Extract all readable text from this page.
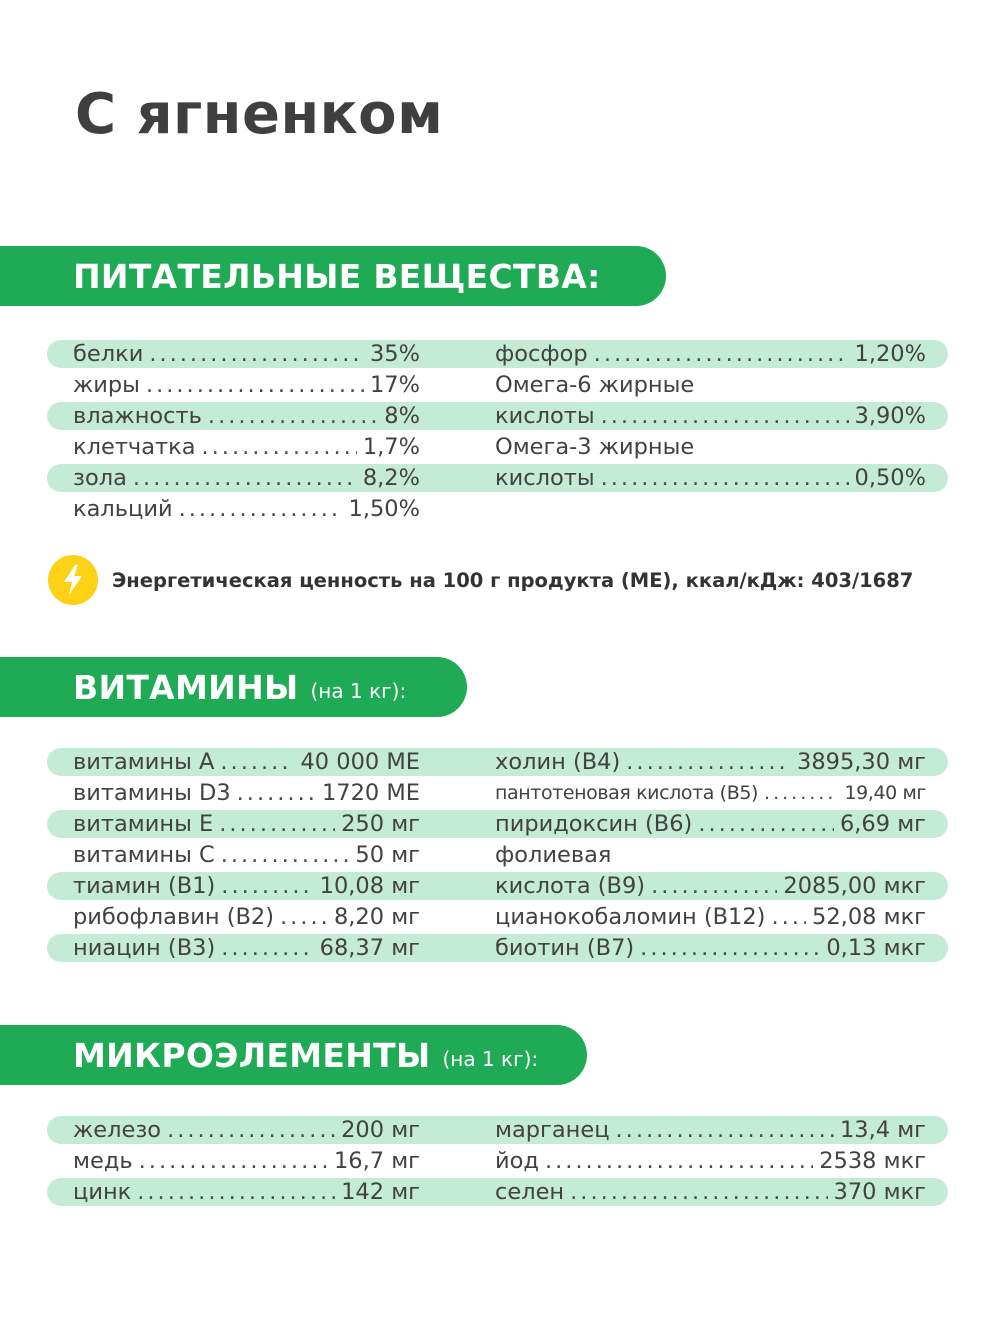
С ягненком
ПИТАТЕЛЬНЫЕ ВЕЩЕСТВА:
белки .....	35%
жиры .....	17%
влажность .....	8%
клетчатка .....	1,7%
зола .....	8,2%
кальций .....	1,50%
фосфор .....	1,20%
Омега-6 жирные
кислоты .....	3,90%
Омега-3 жирные
кислоты .....	0,50%
Энергетическая ценность на 100 г продукта (МЕ), ккал/кДж: 403/1687
ВИТАМИНЫ (на 1 кг):
витамины А .....	40 000 МЕ
витамины D3 .....	1720 МЕ
витамины Е .....	250 мг
витамины С .....	50 мг
тиамин (В1) .....	10,08 мг
рибофлавин (В2) .....	8,20 мг
ниацин (В3) .....	68,37 мг
холин (В4) .....	3895,30 мг
пантотеновая кислота (В5) .....	19,40 мг
пиридоксин (В6) .....	6,69 мг
фолиевая
кислота (В9) .....	2085,00 мкг
цианокобаломин (В12) ..... 52,08 мкг
биотин (В7) .....	0,13 мкг
МИКРОЭЛЕМЕНТЫ (на 1 кг):
железо .....	200 мг
медь .....	16,7 мг
цинк .....	142 мг
марганец .....	13,4 мг
йод .....	2538 мкг
селен .....	370 мкг
